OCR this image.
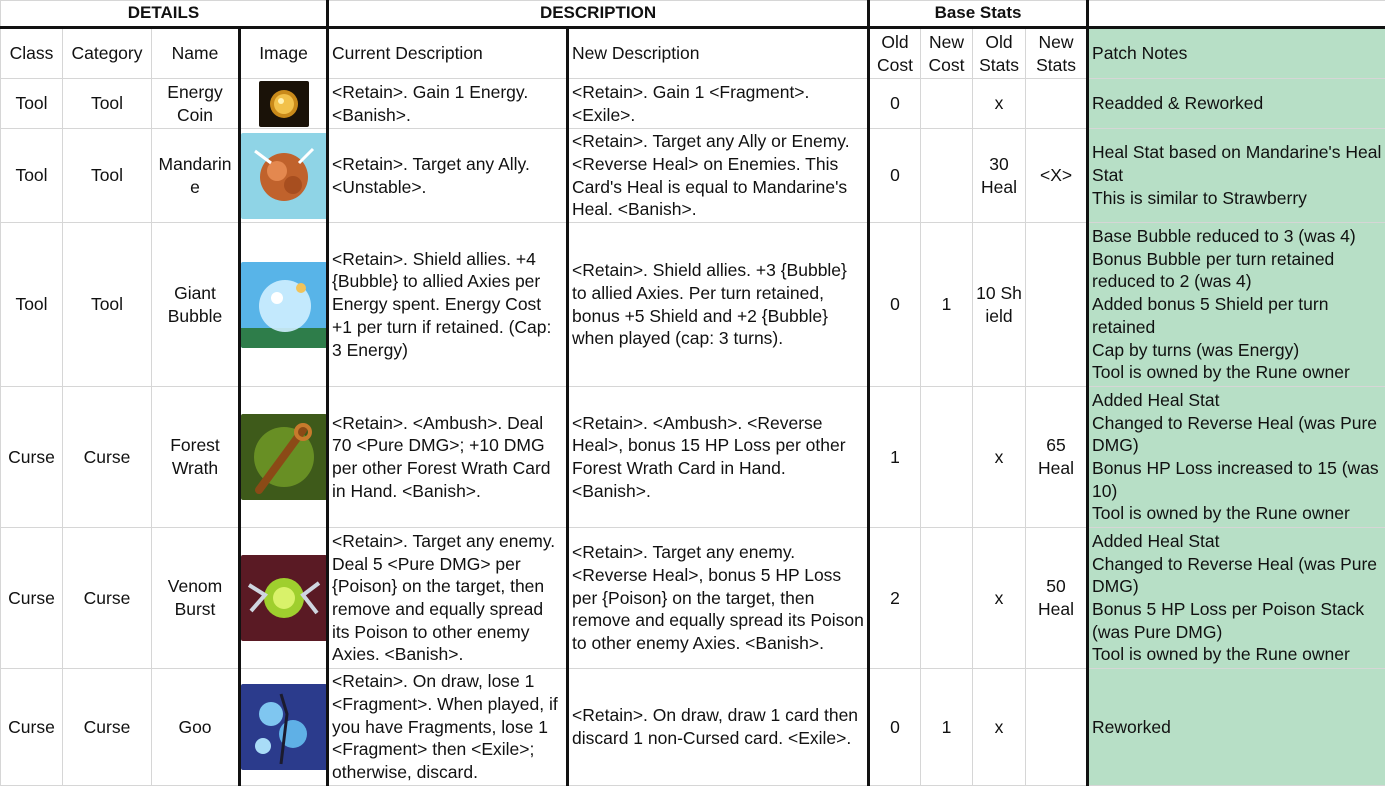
DETAILS				DESCRIPTION		Base Stats				
Class	Category	Name	Image	Current Description	New Description	Old Cost	New Cost	Old Stats	New Stats	Patch Notes
Tool	Tool	Energy Coin		<Retain>. Gain 1 Energy. <Banish>.	<Retain>. Gain 1 <Fragment>. <Exile>.	0		x		Readded & Reworked
Tool	Tool	Mandarine		<Retain>. Target any Ally. <Unstable>.	<Retain>. Target any Ally or Enemy. <Reverse Heal> on Enemies. This Card's Heal is equal to Mandarine's Heal. <Banish>.	0		30 Heal	<X>	Heal Stat based on Mandarine's Heal Stat
This is similar to Strawberry
Tool	Tool	Giant Bubble		<Retain>. Shield allies. +4 {Bubble} to allied Axies per Energy spent. Energy Cost +1 per turn if retained. (Cap: 3 Energy)	<Retain>. Shield allies. +3 {Bubble} to allied Axies. Per turn retained, bonus +5 Shield and +2 {Bubble} when played (cap: 3 turns).	0	1	10 Shield		Base Bubble reduced to 3 (was 4)
Bonus Bubble per turn retained reduced to 2 (was 4)
Added bonus 5 Shield per turn retained
Cap by turns (was Energy)
Tool is owned by the Rune owner
Curse	Curse	Forest Wrath		<Retain>. <Ambush>. Deal 70 <Pure DMG>; +10 DMG per other Forest Wrath Card in Hand. <Banish>.	<Retain>. <Ambush>. <Reverse Heal>, bonus 15 HP Loss per other Forest Wrath Card in Hand. <Banish>.	1		x	65 Heal	Added Heal Stat
Changed to Reverse Heal (was Pure DMG)
Bonus HP Loss increased to 15 (was 10)
Tool is owned by the Rune owner
Curse	Curse	Venom Burst		<Retain>. Target any enemy. Deal 5 <Pure DMG> per {Poison} on the target, then remove and equally spread its Poison to other enemy Axies. <Banish>.	<Retain>. Target any enemy. <Reverse Heal>, bonus 5 HP Loss per {Poison} on the target, then remove and equally spread its Poison to other enemy Axies. <Banish>.	2		x	50 Heal	Added Heal Stat
Changed to Reverse Heal (was Pure DMG)
Bonus 5 HP Loss per Poison Stack (was Pure DMG)
Tool is owned by the Rune owner
Curse	Curse	Goo		<Retain>. On draw, lose 1 <Fragment>. When played, if you have Fragments, lose 1 <Fragment> then <Exile>; otherwise, discard.	<Retain>. On draw, draw 1 card then discard 1 non-Cursed card. <Exile>.	0	1	x		Reworked
